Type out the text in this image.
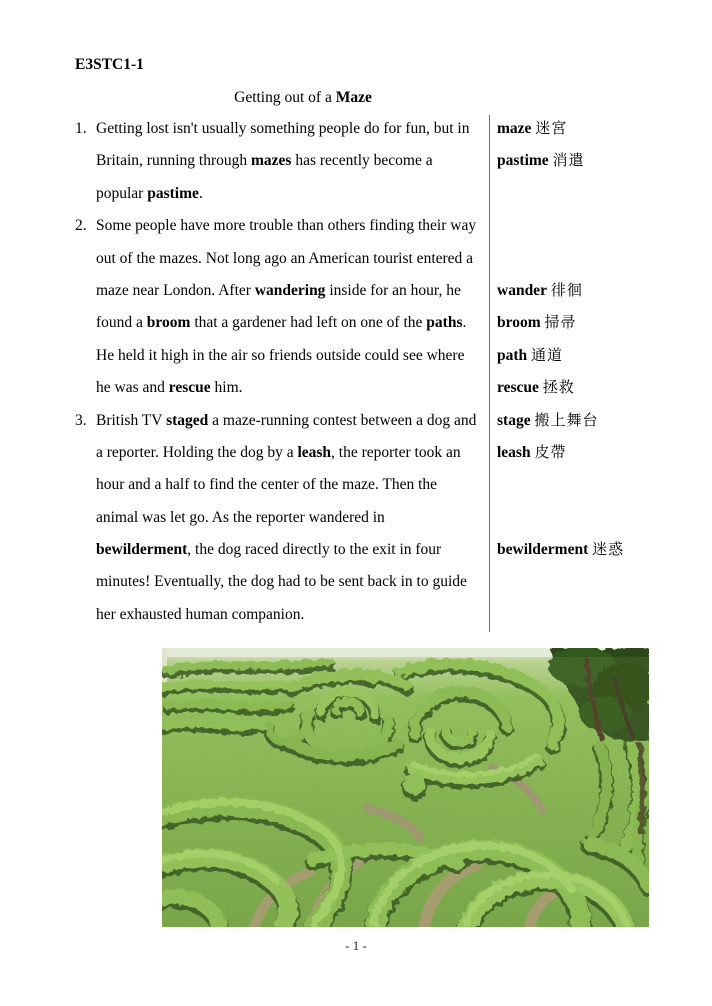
E3STC1-1
Getting out of a Maze
1. Getting lost isn't usually something people do for fun, but in
Britain, running through mazes has recently become a
popular pastime.
2. Some people have more trouble than others finding their way
out of the mazes. Not long ago an American tourist entered a
maze near London. After wandering inside for an hour, he
found a broom that a gardener had left on one of the paths.
He held it high in the air so friends outside could see where
he was and rescue him.
3. British TV staged a maze-running contest between a dog and
a reporter. Holding the dog by a leash, the reporter took an
hour and a half to find the center of the maze. Then the
animal was let go. As the reporter wandered in
bewilderment, the dog raced directly to the exit in four
minutes! Eventually, the dog had to be sent back in to guide
her exhausted human companion.
maze 迷宮
pastime 消遣
wander 徘徊
broom 掃帚
path 通道
rescue 拯救
stage 搬上舞台
leash 皮帶
bewilderment 迷惑
- 1 -
